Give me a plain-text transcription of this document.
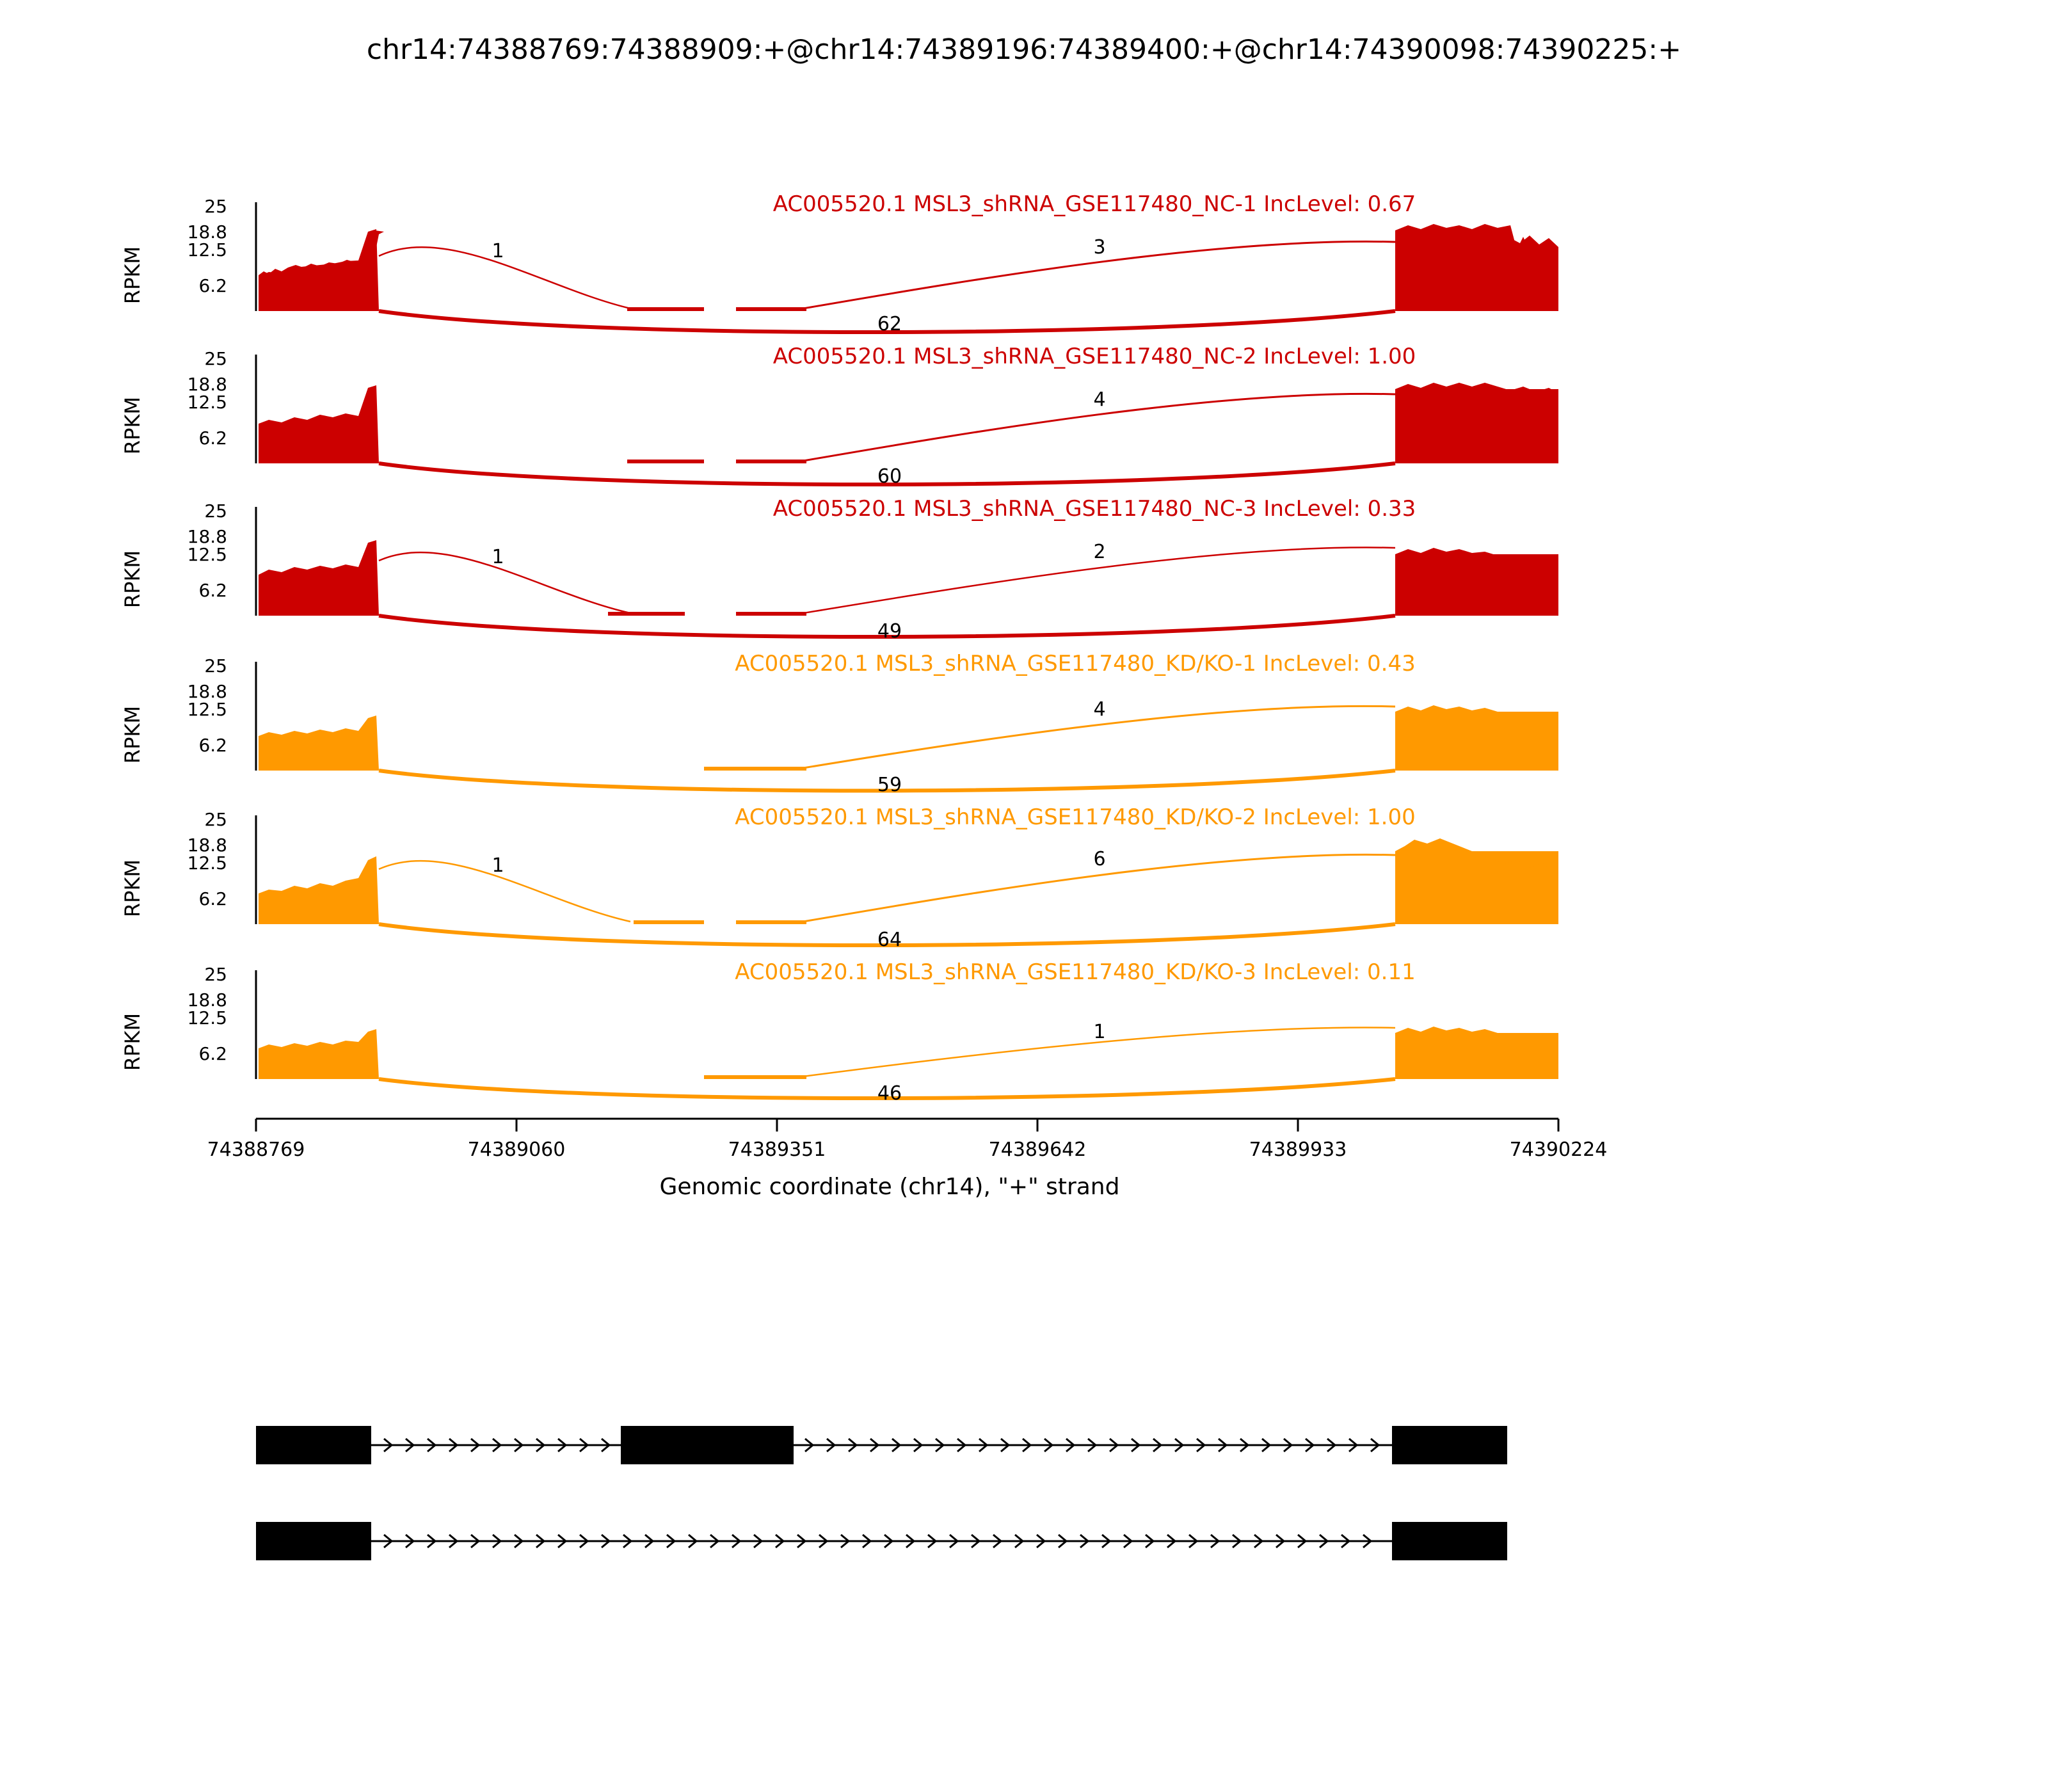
chr14:74388769:74388909:+@chr14:74389196:74389400:+@chr14:74390098:74390225:+
RPKM
25
18.8
12.5
6.2
1	3
62
AC005520.1 MSL3_shRNA_GSE117480_NC-1 IncLevel: 0.67
RPKM
25
18.8
12.5
6.2
4
60
AC005520.1 MSL3_shRNA_GSE117480_NC-2 IncLevel: 1.00
RPKM
25
18.8
12.5
6.2
1	2
49
AC005520.1 MSL3_shRNA_GSE117480_NC-3 IncLevel: 0.33
RPKM
25
18.8
12.5
6.2
4
59
AC005520.1 MSL3_shRNA_GSE117480_KD/KO-1 IncLevel: 0.43
RPKM
25
18.8
12.5
6.2
1	6
64
AC005520.1 MSL3_shRNA_GSE117480_KD/KO-2 IncLevel: 1.00
RPKM
25
18.8
12.5
6.2
1
46
AC005520.1 MSL3_shRNA_GSE117480_KD/KO-3 IncLevel: 0.11
74388769	74389060	74389351	74389642	74389933	74390224
Genomic coordinate (chr14), "+" strand
